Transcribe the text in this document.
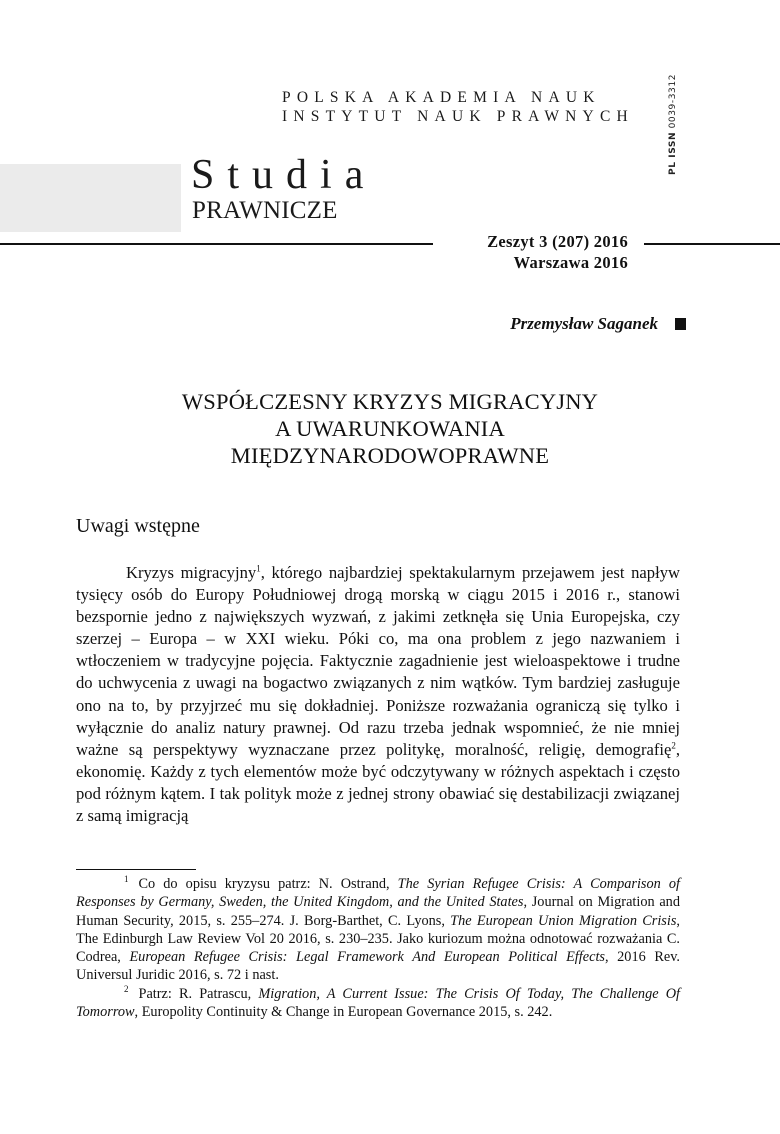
POLSKA AKADEMIA NAUK
INSTYTUT NAUK PRAWNYCH
PL ISSN 0039-3312
Studia
PRAWNICZE
Zeszyt 3 (207) 2016
Warszawa 2016
Przemysław Saganek
WSPÓŁCZESNY KRYZYS MIGRACYJNY
A UWARUNKOWANIA
MIĘDZYNARODOWOPRAWNE
Uwagi wstępne

Kryzys migracyjny$^1$, którego najbardziej spektakularnym przejawem jest napływ tysięcy osób do Europy Południowej drogą morską w ciągu 2015 i 2016 r., stanowi bezspornie jedno z największych wyzwań, z jakimi zetknęła się Unia Europejska, czy szerzej – Europa – w XXI wieku. Póki co, ma ona problem z jego nazwaniem i wtłoczeniem w tradycyjne pojęcia. Faktycznie zagadnienie jest wieloaspektowe i trudne do uchwycenia z uwagi na bogactwo związanych z nim wątków. Tym bardziej zasługuje ono na to, by przyjrzeć mu się dokładniej. Poniższe rozważania ograniczą się tylko i wyłącznie do analiz natury prawnej. Od razu trzeba jednak wspomnieć, że nie mniej ważne są perspektywy wyznaczane przez politykę, moralność, religię, demografię$^2$, ekonomię. Każdy z tych elementów może być odczytywany w różnych aspektach i często pod różnym kątem. I tak polityk może z jednej strony obawiać się destabilizacji związanej z samą imigracją

$^1$ Co do opisu kryzysu patrz: N. Ostrand, The Syrian Refugee Crisis: A Comparison of Responses by Germany, Sweden, the United Kingdom, and the United States, Journal on Migration and Human Security, 2015, s. 255–274. J. Borg-Barthet, C. Lyons, The European Union Migration Crisis, The Edinburgh Law Review Vol 20 2016, s. 230–235. Jako kuriozum można odnotować rozważania C. Codrea, European Refugee Crisis: Legal Framework And European Political Effects, 2016 Rev. Universul Juridic 2016, s. 72 i nast.

$^2$ Patrz: R. Patrascu, Migration, A Current Issue: The Crisis Of Today, The Challenge Of Tomorrow, Europolity Continuity & Change in European Governance 2015, s. 242.
